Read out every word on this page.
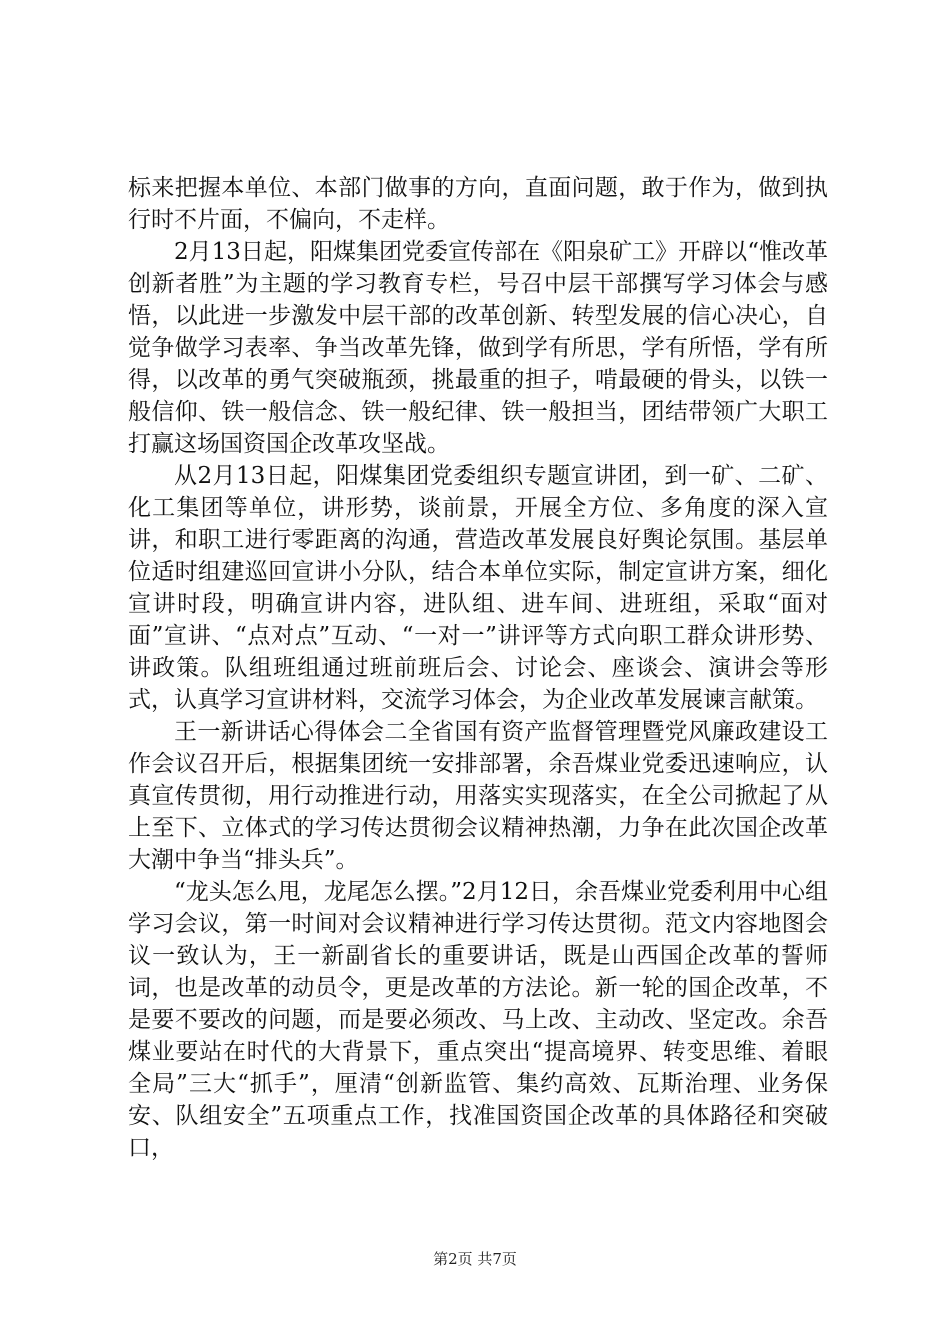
标来把握本单位、本部门做事的方向，直面问题，敢于作为，做到执行时不片面，不偏向，不走样。

2月13日起，阳煤集团党委宣传部在《阳泉矿工》开辟以“惟改革创新者胜”为主题的学习教育专栏，号召中层干部撰写学习体会与感悟，以此进一步激发中层干部的改革创新、转型发展的信心决心，自觉争做学习表率、争当改革先锋，做到学有所思，学有所悟，学有所得，以改革的勇气突破瓶颈，挑最重的担子，啃最硬的骨头，以铁一般信仰、铁一般信念、铁一般纪律、铁一般担当，团结带领广大职工打赢这场国资国企改革攻坚战。

从2月13日起，阳煤集团党委组织专题宣讲团，到一矿、二矿、化工集团等单位，讲形势，谈前景，开展全方位、多角度的深入宣讲，和职工进行零距离的沟通，营造改革发展良好舆论氛围。基层单位适时组建巡回宣讲小分队，结合本单位实际，制定宣讲方案，细化宣讲时段，明确宣讲内容，进队组、进车间、进班组，采取“面对面”宣讲、“点对点”互动、“一对一”讲评等方式向职工群众讲形势、讲政策。队组班组通过班前班后会、讨论会、座谈会、演讲会等形式，认真学习宣讲材料，交流学习体会，为企业改革发展谏言献策。

王一新讲话心得体会二全省国有资产监督管理暨党风廉政建设工作会议召开后，根据集团统一安排部署，余吾煤业党委迅速响应，认真宣传贯彻，用行动推进行动，用落实实现落实，在全公司掀起了从上至下、立体式的学习传达贯彻会议精神热潮，力争在此次国企改革大潮中争当“排头兵”。

“龙头怎么甩，龙尾怎么摆。”2月12日，余吾煤业党委利用中心组学习会议，第一时间对会议精神进行学习传达贯彻。范文内容地图会议一致认为，王一新副省长的重要讲话，既是山西国企改革的誓师词，也是改革的动员令，更是改革的方法论。新一轮的国企改革，不是要不要改的问题，而是要必须改、马上改、主动改、坚定改。余吾煤业要站在时代的大背景下，重点突出“提高境界、转变思维、着眼全局”三大“抓手”，厘清“创新监管、集约高效、瓦斯治理、业务保安、队组安全”五项重点工作，找准国资国企改革的具体路径和突破口，

第2页 共7页
